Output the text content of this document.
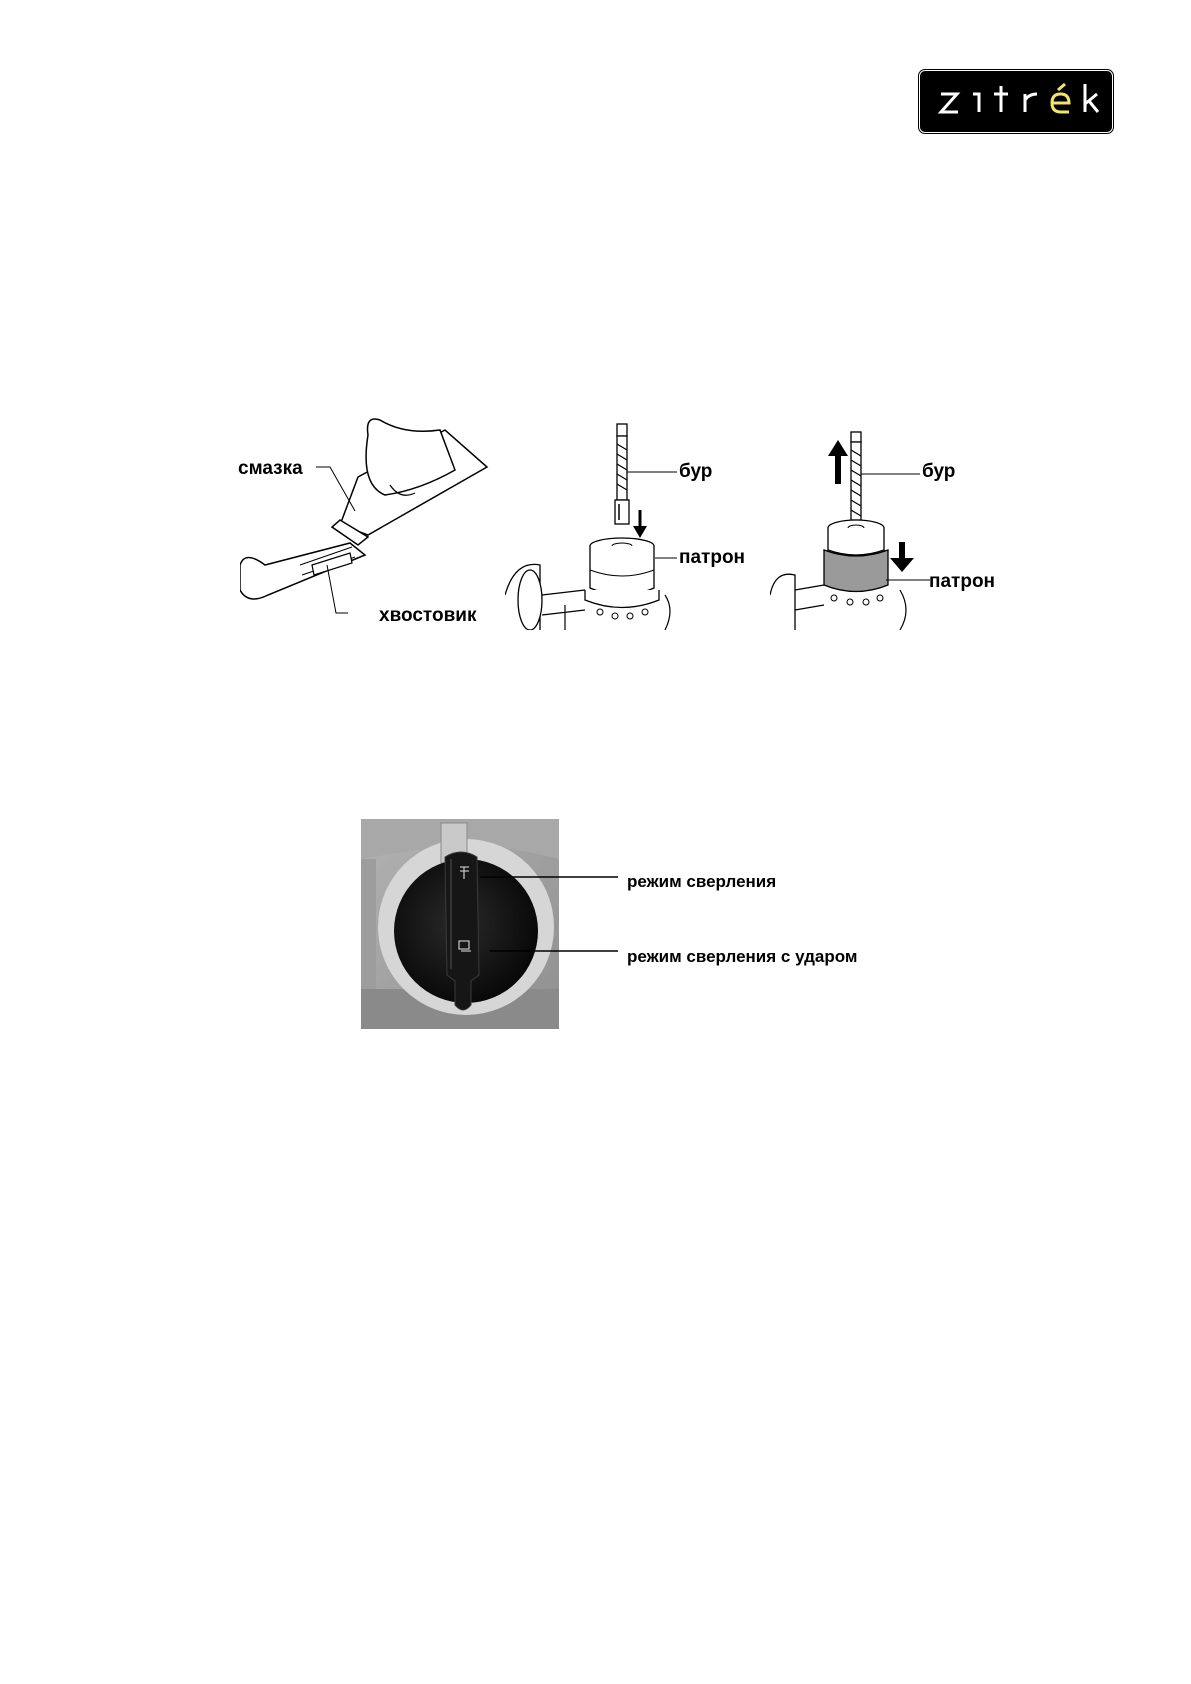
смазка
хвостовик
бур
патрон
бур
патрон
режим сверления
режим сверления с ударом
